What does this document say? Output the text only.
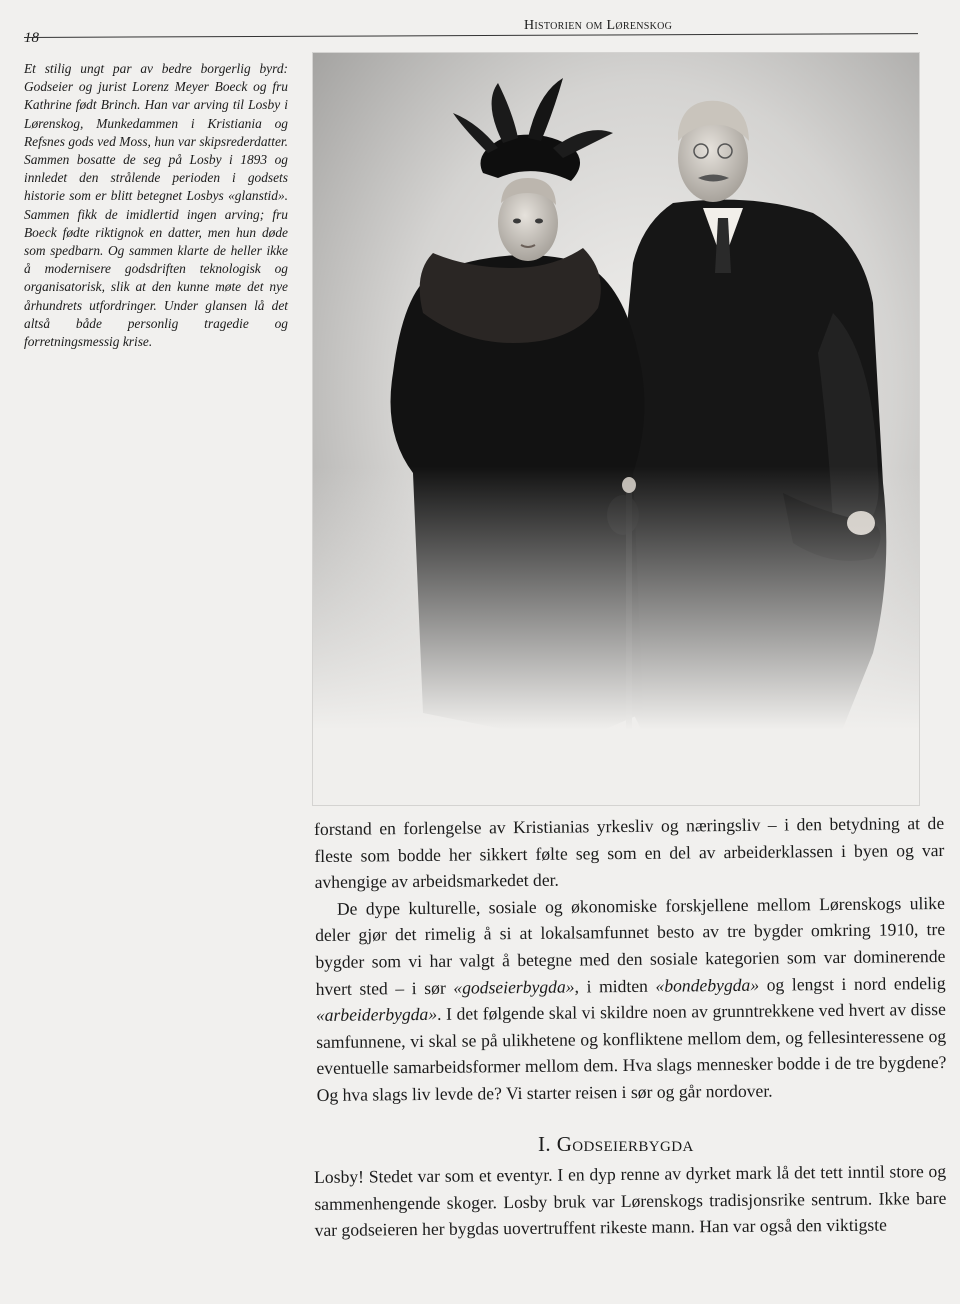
18
Historien om Lørenskog
Et stilig ungt par av bedre borgerlig byrd: Godseier og jurist Lorenz Meyer Boeck og fru Kathrine født Brinch. Han var arving til Losby i Lørenskog, Munkedammen i Kristiania og Refsnes gods ved Moss, hun var skipsrederdatter. Sammen bosatte de seg på Losby i 1893 og innledet den strålende perioden i godsets historie som er blitt betegnet Losbys «glanstid». Sammen fikk de imidlertid ingen arving; fru Boeck fødte riktignok en datter, men hun døde som spedbarn. Og sammen klarte de heller ikke å modernisere godsdriften teknologisk og organisatorisk, slik at den kunne møte det nye århundrets utfordringer. Under glansen lå det altså både personlig tragedie og forretningsmessig krise.

forstand en forlengelse av Kristianias yrkesliv og næringsliv – i den betydning at de fleste som bodde her sikkert følte seg som en del av arbeiderklassen i byen og var avhengige av arbeidsmarkedet der.

De dype kulturelle, sosiale og økonomiske forskjellene mellom Lørenskogs ulike deler gjør det rimelig å si at lokalsamfunnet besto av tre bygder omkring 1910, tre bygder som vi har valgt å betegne med den sosiale kategorien som var dominerende hvert sted – i sør «godseierbygda», i midten «bondebygda» og lengst i nord endelig «arbeiderbygda». I det følgende skal vi skildre noen av grunntrekkene ved hvert av disse samfunnene, vi skal se på ulikhetene og konfliktene mellom dem, og fellesinteressene og eventuelle samarbeidsformer mellom dem. Hva slags mennesker bodde i de tre bygdene? Og hva slags liv levde de? Vi starter reisen i sør og går nordover.

I. Godseierbygda

Losby! Stedet var som et eventyr. I en dyp renne av dyrket mark lå det tett inntil store og sammenhengende skoger. Losby bruk var Lørenskogs tradisjonsrike sentrum. Ikke bare var godseieren her bygdas uovertruffent rikeste mann. Han var også den viktigste
